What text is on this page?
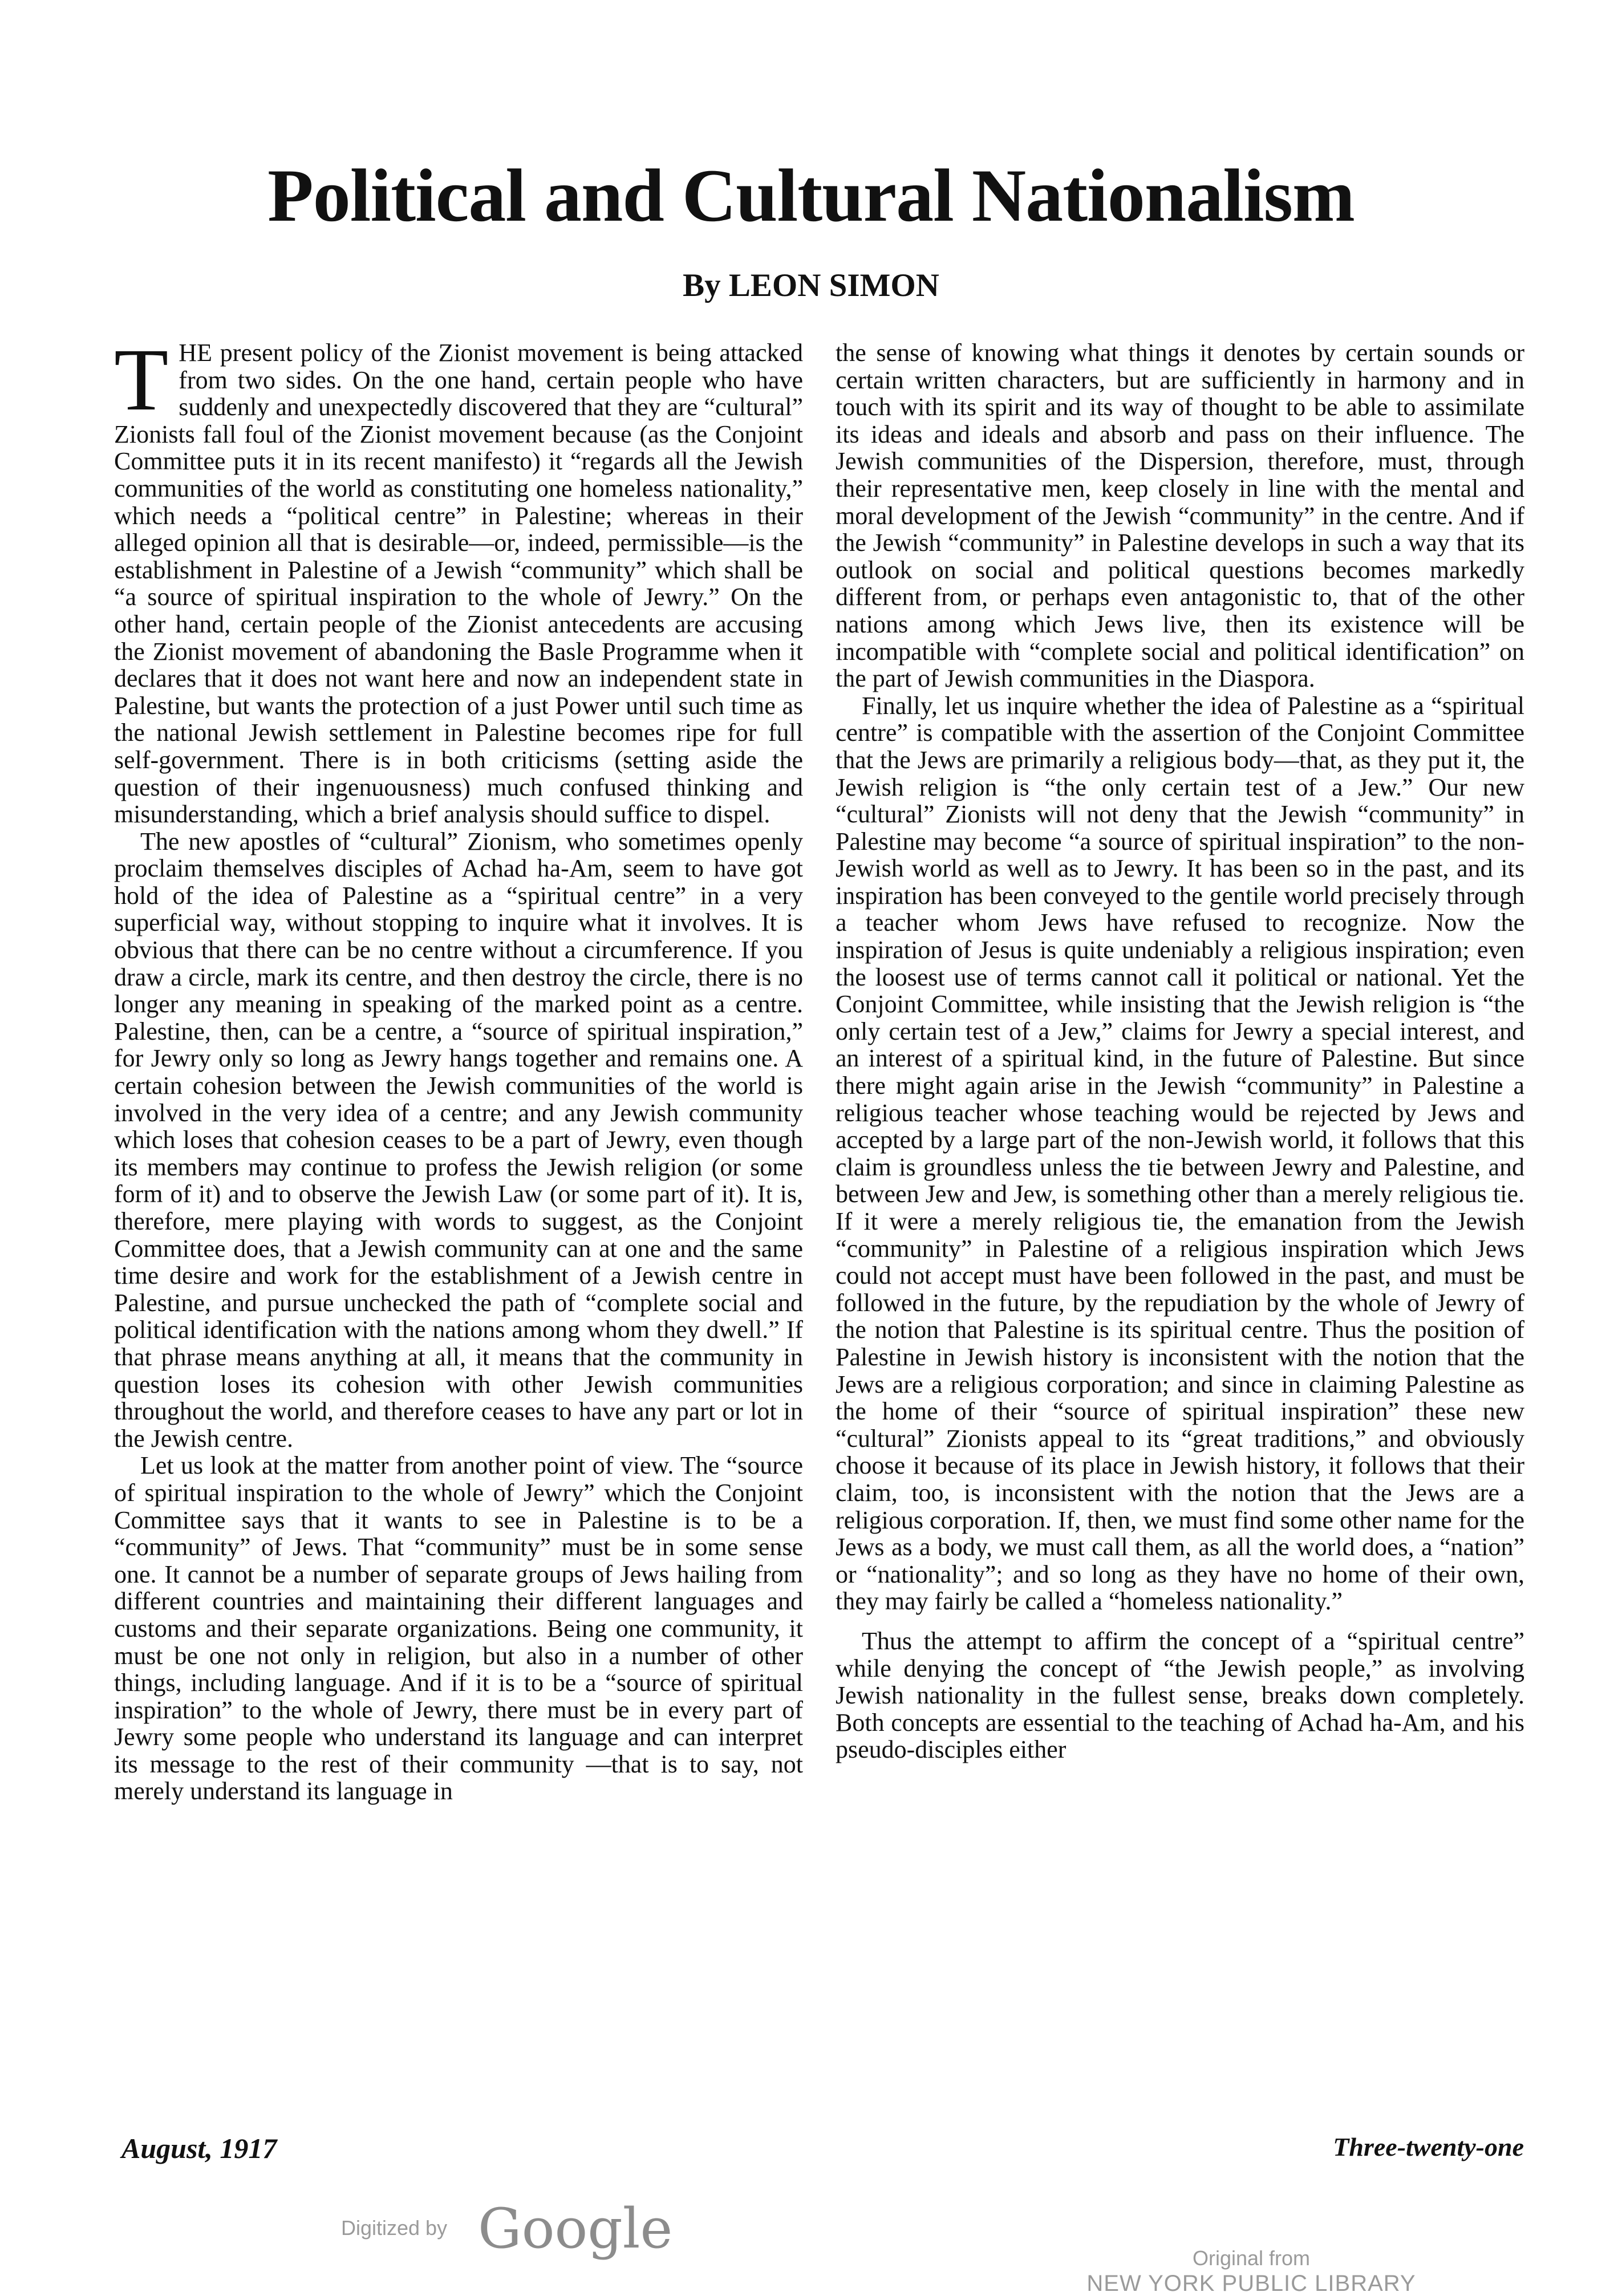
Political and Cultural Nationalism
By LEON SIMON

THE present policy of the Zionist movement is being attacked from two sides. On the one hand, certain people who have suddenly and unexpectedly discovered that they are “cultural” Zionists fall foul of the Zionist movement because (as the Conjoint Committee puts it in its recent manifesto) it “regards all the Jewish communities of the world as constituting one homeless nationality,” which needs a “political centre” in Palestine; whereas in their alleged opinion all that is desirable—or, indeed, permissible—is the establishment in Palestine of a Jewish “community” which shall be “a source of spiritual inspiration to the whole of Jewry.” On the other hand, certain people of the Zionist antecedents are accusing the Zionist movement of abandoning the Basle Programme when it declares that it does not want here and now an independent state in Palestine, but wants the protection of a just Power until such time as the national Jewish settlement in Palestine becomes ripe for full self-government. There is in both criticisms (setting aside the question of their ingenuousness) much confused thinking and misunderstanding, which a brief analysis should suffice to dispel.

The new apostles of “cultural” Zionism, who sometimes openly proclaim themselves disciples of Achad ha-Am, seem to have got hold of the idea of Palestine as a “spiritual centre” in a very superficial way, without stopping to inquire what it involves. It is obvious that there can be no centre without a circumference. If you draw a circle, mark its centre, and then destroy the circle, there is no longer any meaning in speaking of the marked point as a centre. Palestine, then, can be a centre, a “source of spiritual inspiration,” for Jewry only so long as Jewry hangs together and remains one. A certain cohesion between the Jewish communities of the world is involved in the very idea of a centre; and any Jewish community which loses that cohesion ceases to be a part of Jewry, even though its members may continue to profess the Jewish religion (or some form of it) and to observe the Jewish Law (or some part of it). It is, therefore, mere playing with words to suggest, as the Conjoint Committee does, that a Jewish community can at one and the same time desire and work for the establishment of a Jewish centre in Palestine, and pursue unchecked the path of “complete social and political identification with the nations among whom they dwell.” If that phrase means anything at all, it means that the community in question loses its cohesion with other Jewish communities throughout the world, and therefore ceases to have any part or lot in the Jewish centre.

Let us look at the matter from another point of view. The “source of spiritual inspiration to the whole of Jewry” which the Conjoint Committee says that it wants to see in Palestine is to be a “community” of Jews. That “community” must be in some sense one. It cannot be a number of separate groups of Jews hailing from different countries and maintaining their different languages and customs and their separate organizations. Being one community, it must be one not only in religion, but also in a number of other things, including language. And if it is to be a “source of spiritual inspiration” to the whole of Jewry, there must be in every part of Jewry some people who understand its language and can interpret its message to the rest of their community —that is to say, not merely understand its language in

the sense of knowing what things it denotes by certain sounds or certain written characters, but are sufficiently in harmony and in touch with its spirit and its way of thought to be able to assimilate its ideas and ideals and absorb and pass on their influence. The Jewish communities of the Dispersion, therefore, must, through their representative men, keep closely in line with the mental and moral development of the Jewish “community” in the centre. And if the Jewish “community” in Palestine develops in such a way that its outlook on social and political questions becomes markedly different from, or perhaps even antagonistic to, that of the other nations among which Jews live, then its existence will be incompatible with “complete social and political identification” on the part of Jewish communities in the Diaspora.

Finally, let us inquire whether the idea of Palestine as a “spiritual centre” is compatible with the assertion of the Conjoint Committee that the Jews are primarily a religious body—that, as they put it, the Jewish religion is “the only certain test of a Jew.” Our new “cultural” Zionists will not deny that the Jewish “community” in Palestine may become “a source of spiritual inspiration” to the non-Jewish world as well as to Jewry. It has been so in the past, and its inspiration has been conveyed to the gentile world precisely through a teacher whom Jews have refused to recognize. Now the inspiration of Jesus is quite undeniably a religious inspiration; even the loosest use of terms cannot call it political or national. Yet the Conjoint Committee, while insisting that the Jewish religion is “the only certain test of a Jew,” claims for Jewry a special interest, and an interest of a spiritual kind, in the future of Palestine. But since there might again arise in the Jewish “community” in Palestine a religious teacher whose teaching would be rejected by Jews and accepted by a large part of the non-Jewish world, it follows that this claim is groundless unless the tie between Jewry and Palestine, and between Jew and Jew, is something other than a merely religious tie. If it were a merely religious tie, the emanation from the Jewish “community” in Palestine of a religious inspiration which Jews could not accept must have been followed in the past, and must be followed in the future, by the repudiation by the whole of Jewry of the notion that Palestine is its spiritual centre. Thus the position of Palestine in Jewish history is inconsistent with the notion that the Jews are a religious corporation; and since in claiming Palestine as the home of their “source of spiritual inspiration” these new “cultural” Zionists appeal to its “great traditions,” and obviously choose it because of its place in Jewish history, it follows that their claim, too, is inconsistent with the notion that the Jews are a religious corporation. If, then, we must find some other name for the Jews as a body, we must call them, as all the world does, a “nation” or “nationality”; and so long as they have no home of their own, they may fairly be called a “homeless nationality.”

Thus the attempt to affirm the concept of a “spiritual centre” while denying the concept of “the Jewish people,” as involving Jewish nationality in the fullest sense, breaks down completely. Both concepts are essential to the teaching of Achad ha-Am, and his pseudo-disciples either

August, 1917	Three-twenty-one
Digitized by Google	Original from
NEW YORK PUBLIC LIBRARY
